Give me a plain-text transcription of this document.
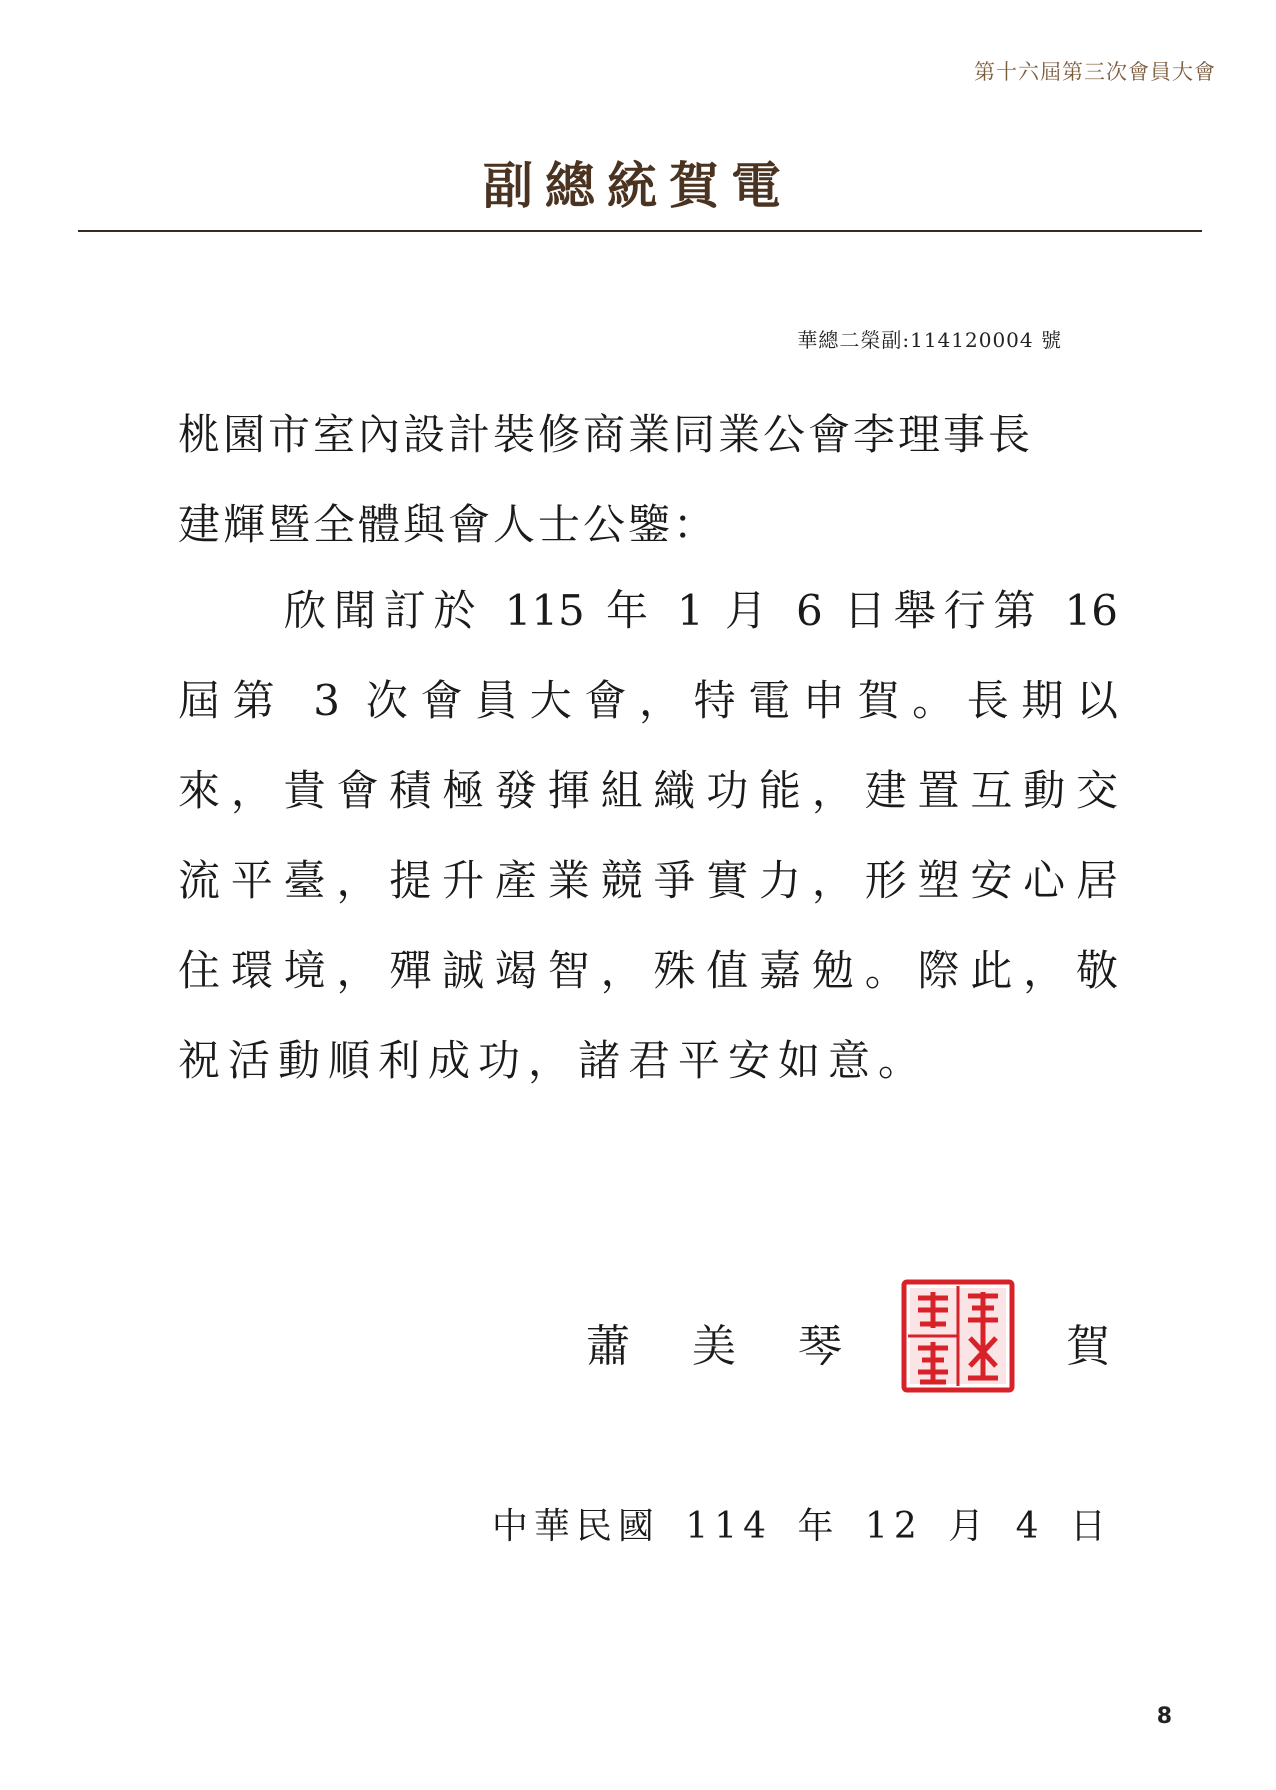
第十六屆第三次會員大會
副總統賀電
華總二榮副:114120004 號
桃園市室內設計裝修商業同業公會李理事長
建輝暨全體與會人士公鑒：
欣聞訂於 115 年 1 月 6 日舉行第 16
屆第 3 次會員大會，特電申賀。長期以
來，貴會積極發揮組織功能，建置互動交
流平臺，提升產業競爭實力，形塑安心居
住環境，殫誠竭智，殊值嘉勉。際此，敬
祝活動順利成功，諸君平安如意。
蕭美琴	賀
中華民國 114 年 12 月 4 日
8
